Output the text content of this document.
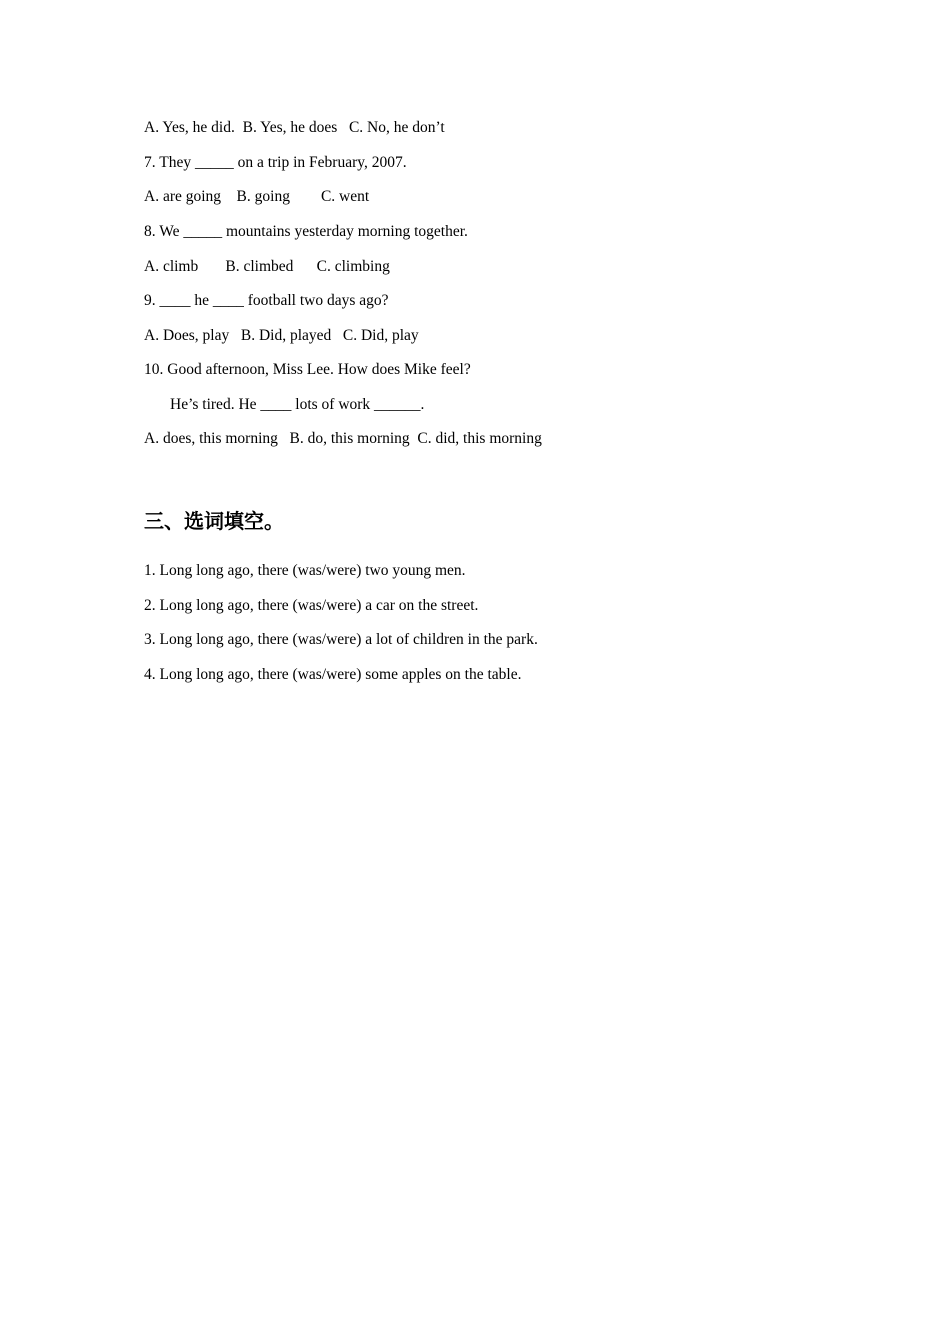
A. Yes, he did.  B. Yes, he does   C. No, he don’t
7. They _____ on a trip in February, 2007.
A. are going    B. going        C. went
8. We _____ mountains yesterday morning together.
A. climb       B. climbed      C. climbing
9. ____ he ____ football two days ago?
A. Does, play   B. Did, played   C. Did, play
10. Good afternoon, Miss Lee. How does Mike feel?
He’s tired. He ____ lots of work ______.
A. does, this morning   B. do, this morning  C. did, this morning
三、选词填空。
1. Long long ago, there (was/were) two young men.
2. Long long ago, there (was/were) a car on the street.
3. Long long ago, there (was/were) a lot of children in the park.
4. Long long ago, there (was/were) some apples on the table.
